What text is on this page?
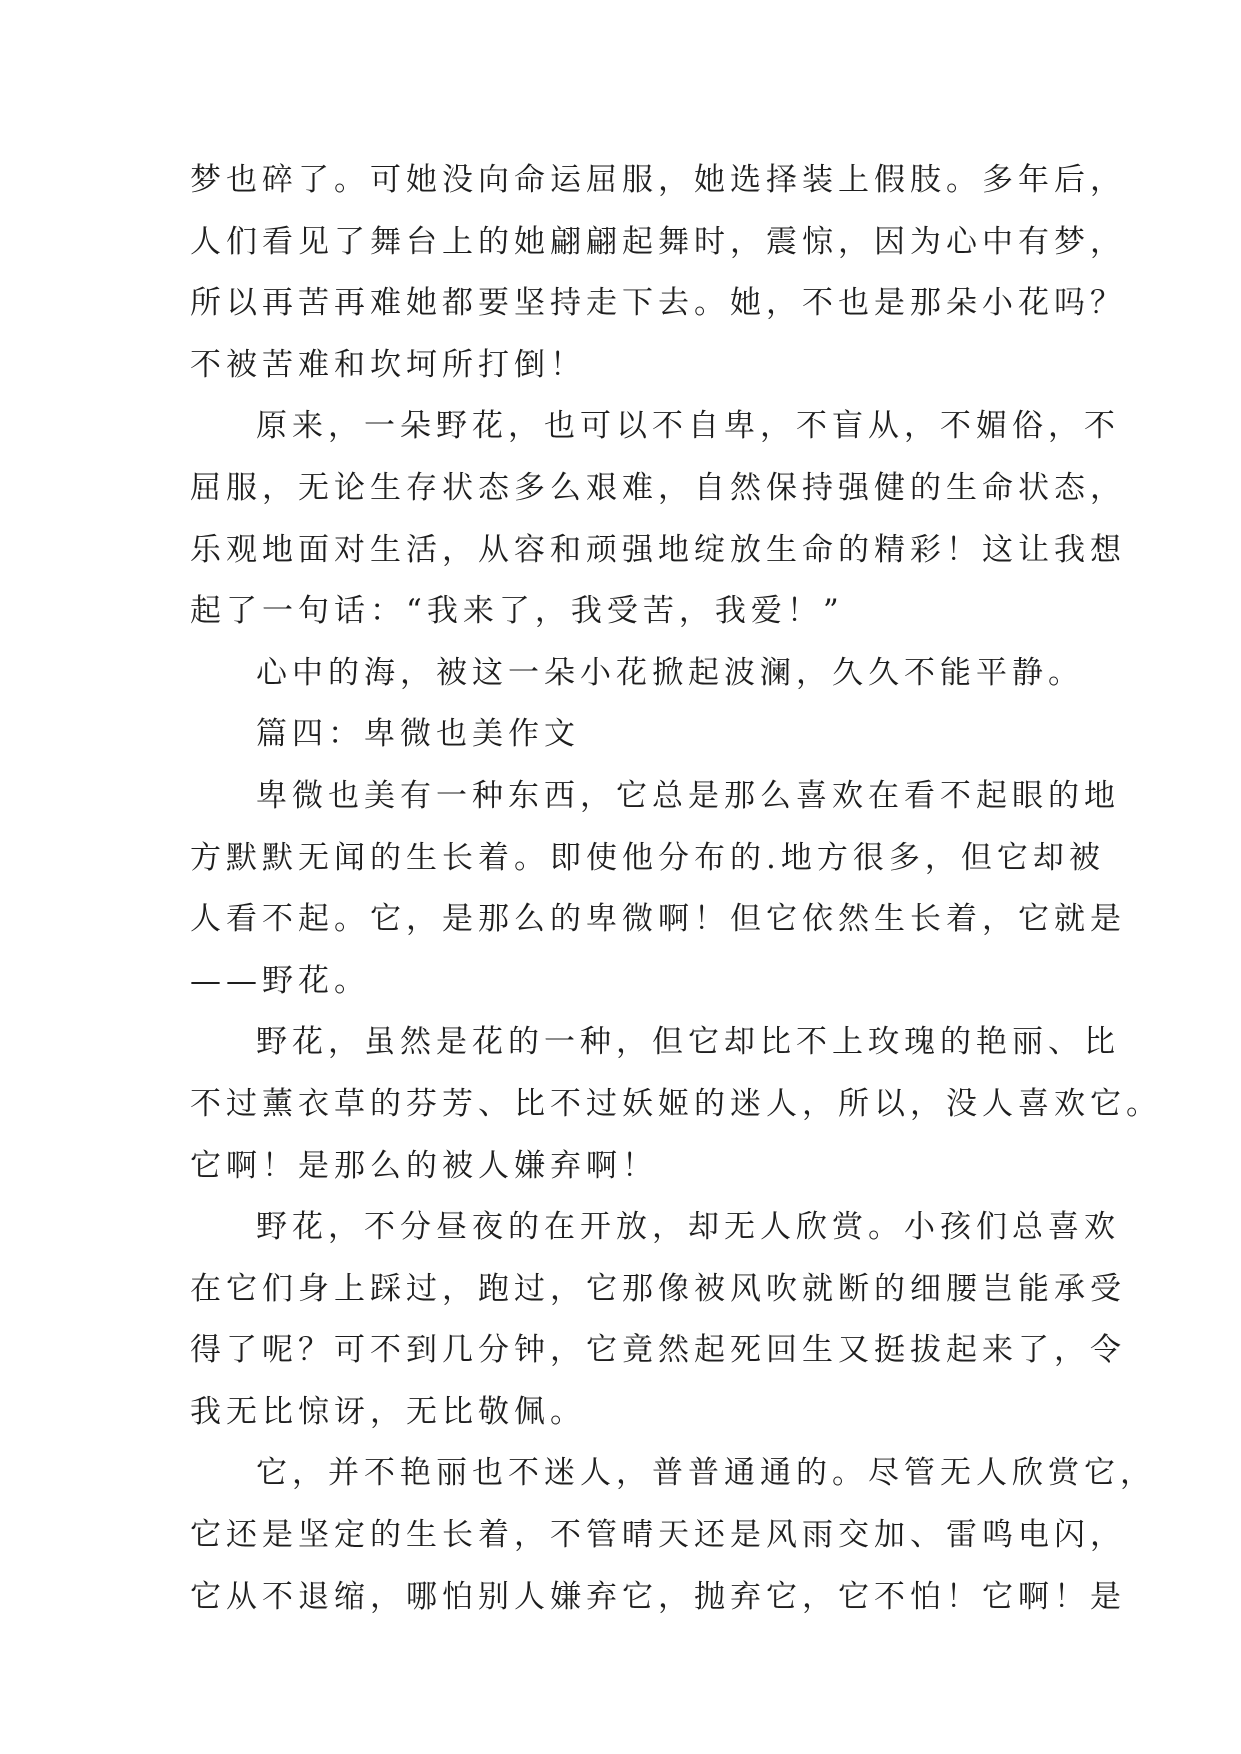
梦也碎了。可她没向命运屈服，她选择装上假肢。多年后，

人们看见了舞台上的她翩翩起舞时，震惊，因为心中有梦，

所以再苦再难她都要坚持走下去。她，不也是那朵小花吗？

不被苦难和坎坷所打倒！

原来，一朵野花，也可以不自卑，不盲从，不媚俗，不

屈服，无论生存状态多么艰难，自然保持强健的生命状态，

乐观地面对生活，从容和顽强地绽放生命的精彩！这让我想

起了一句话：“我来了，我受苦，我爱！”

心中的海，被这一朵小花掀起波澜，久久不能平静。

篇四：卑微也美作文

卑微也美有一种东西，它总是那么喜欢在看不起眼的地

方默默无闻的生长着。即使他分布的.地方很多，但它却被

人看不起。它，是那么的卑微啊！但它依然生长着，它就是

——野花。

野花，虽然是花的一种，但它却比不上玫瑰的艳丽、比

不过薰衣草的芬芳、比不过妖姬的迷人，所以，没人喜欢它。

它啊！是那么的被人嫌弃啊！

野花，不分昼夜的在开放，却无人欣赏。小孩们总喜欢

在它们身上踩过，跑过，它那像被风吹就断的细腰岂能承受

得了呢？可不到几分钟，它竟然起死回生又挺拔起来了，令

我无比惊讶，无比敬佩。

它，并不艳丽也不迷人，普普通通的。尽管无人欣赏它，

它还是坚定的生长着，不管晴天还是风雨交加、雷鸣电闪，

它从不退缩，哪怕别人嫌弃它，抛弃它，它不怕！它啊！是
